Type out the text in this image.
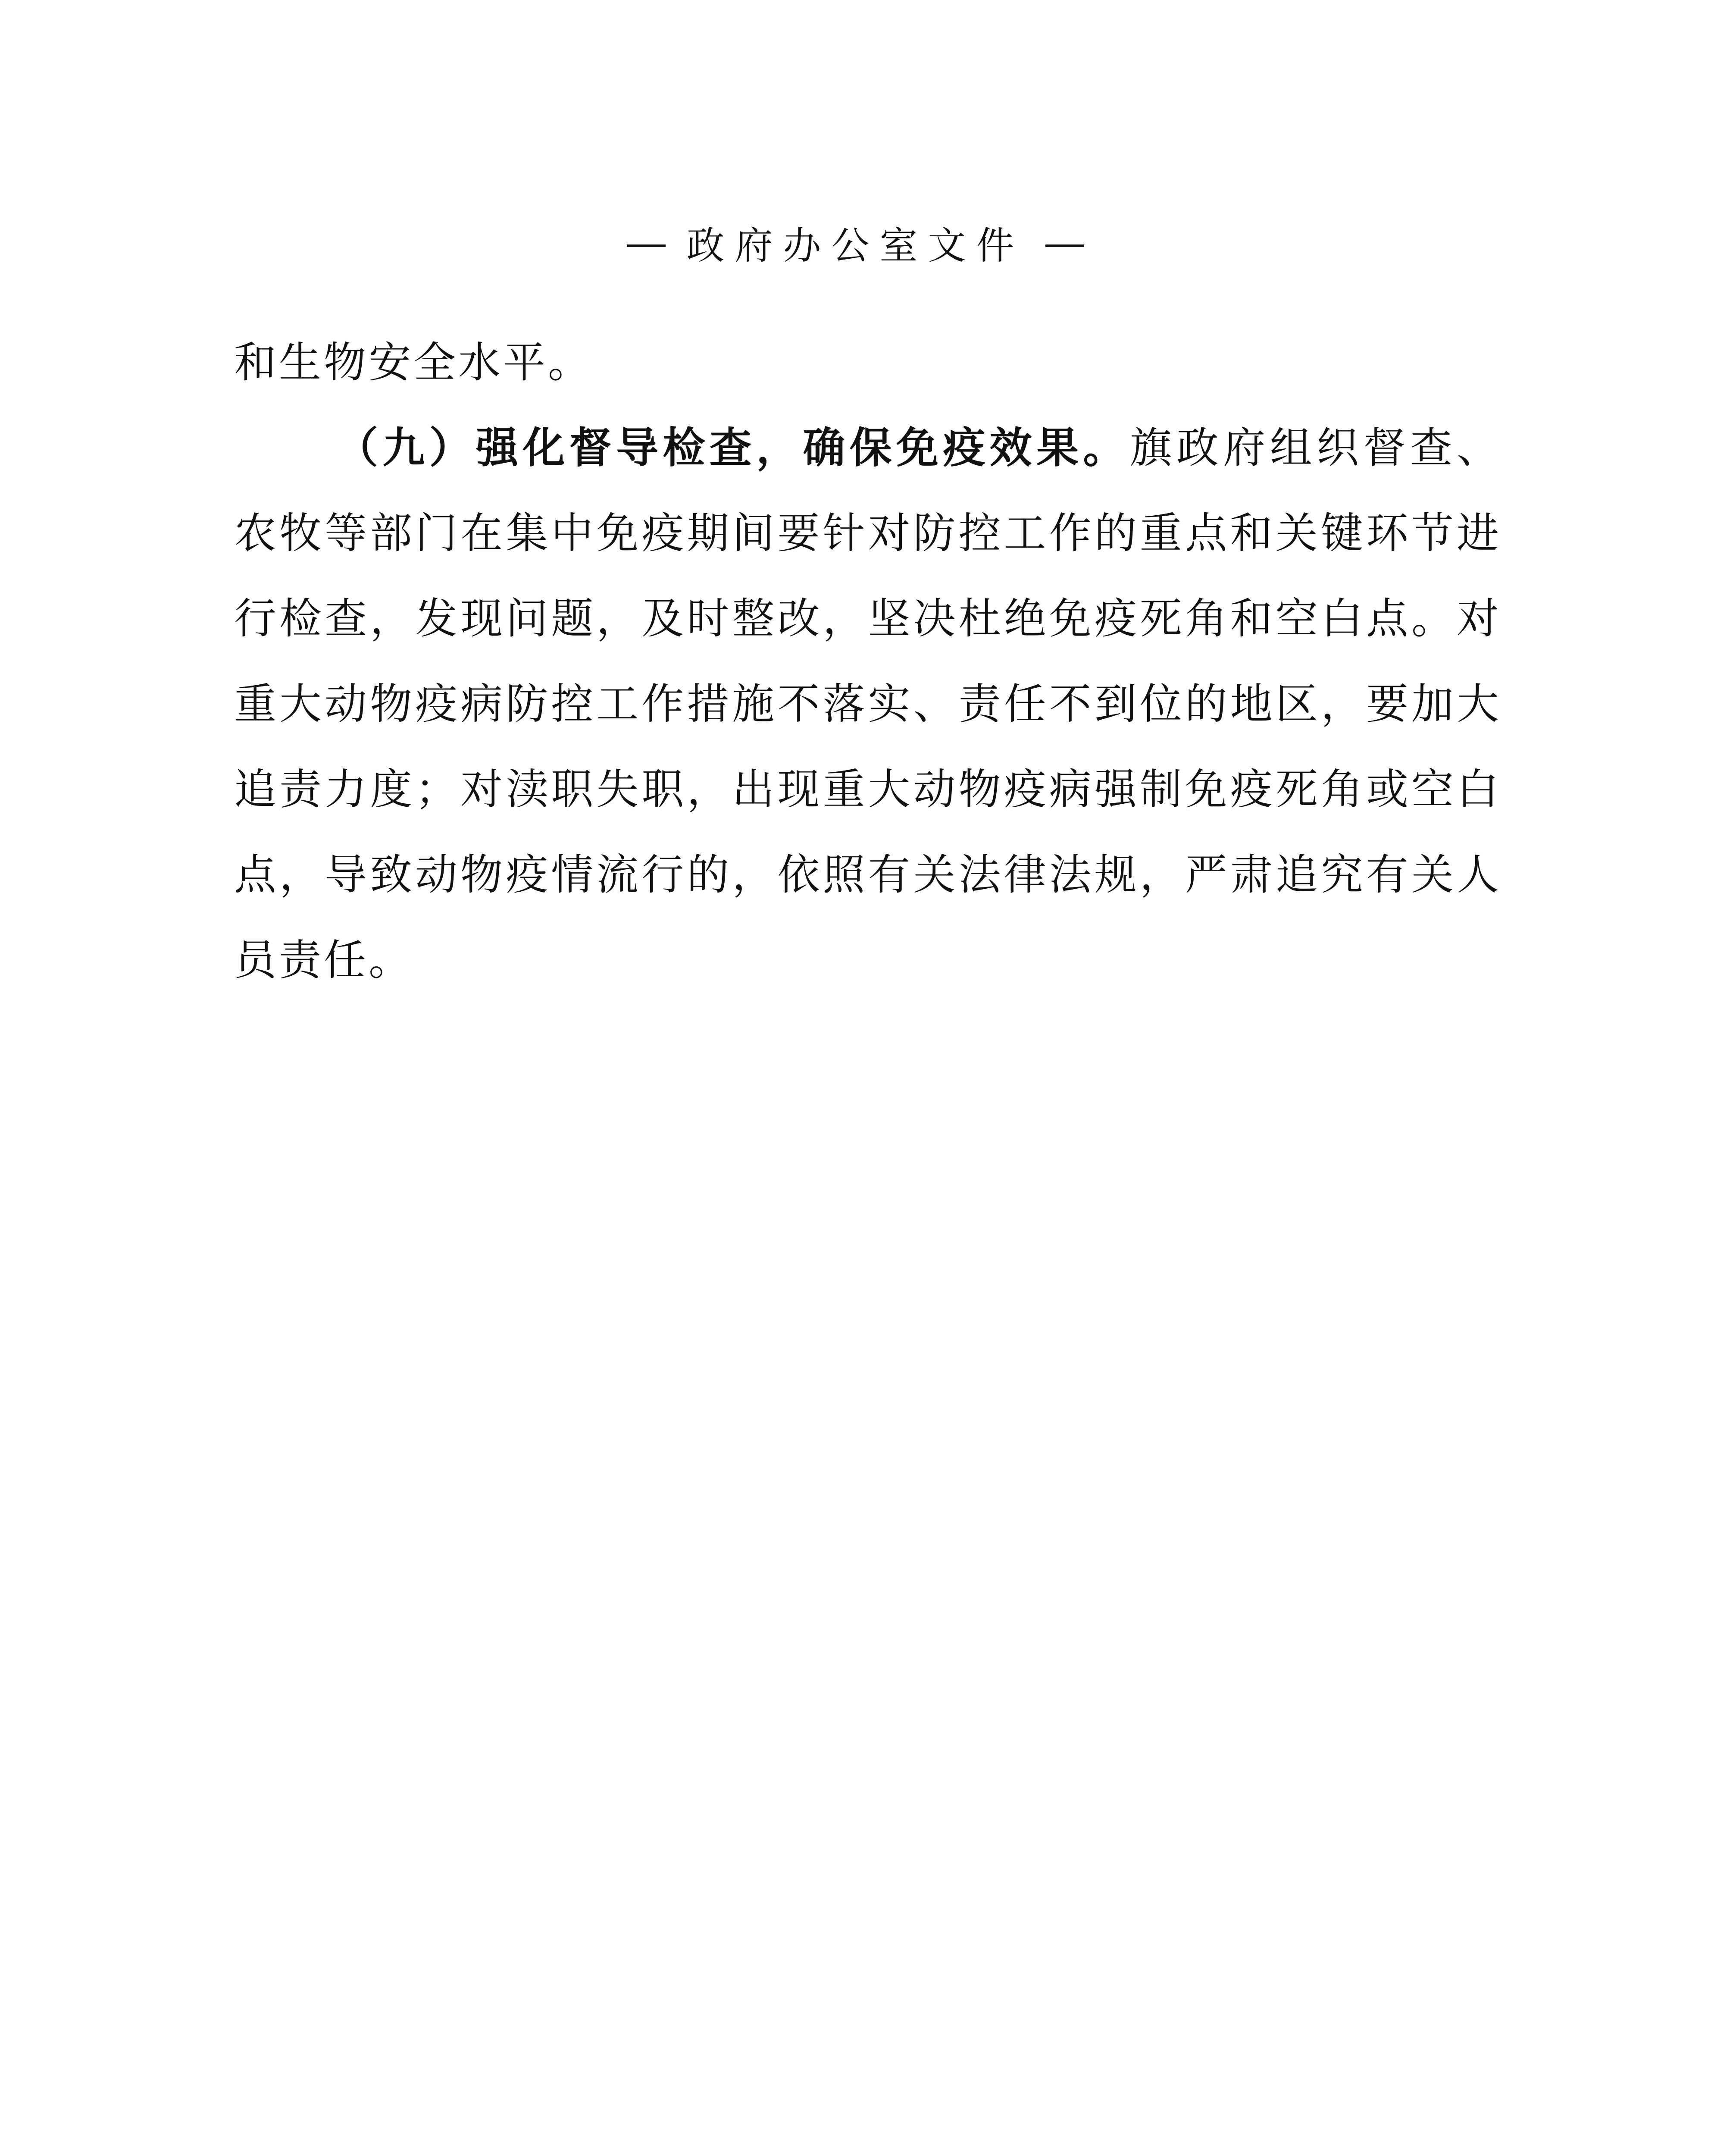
政府办公室文件

和生物安全水平。

（九）强化督导检查，确保免疫效果。旗政府组织督查、农牧等部门在集中免疫期间要针对防控工作的重点和关键环节进行检查，发现问题，及时整改，坚决杜绝免疫死角和空白点。对重大动物疫病防控工作措施不落实、责任不到位的地区，要加大追责力度；对渎职失职，出现重大动物疫病强制免疫死角或空白点，导致动物疫情流行的，依照有关法律法规，严肃追究有关人员责任。
